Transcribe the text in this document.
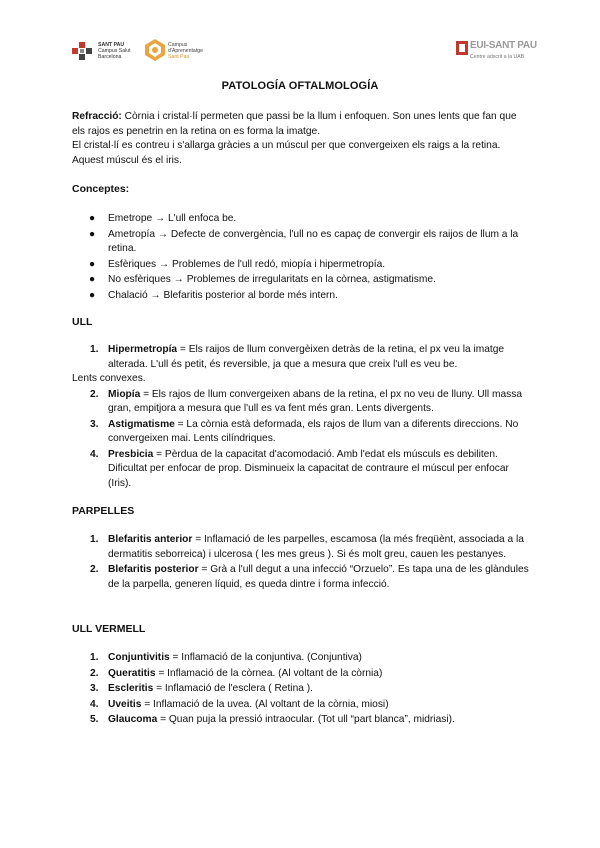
SANT PAU
Campus Salut
Barcelona
Campus
d'Aprenentatge
Sant Pau
EUI-SANT PAU
Centre adscrit a la UAB
PATOLOGÍA OFTALMOLOGÍA
Refracció: Còrnia i cristal·lí permeten que passi be la llum i enfoquen. Son unes lents que fan que els rajos es penetrin en la retina on es forma la imatge.
El cristal·lí es contreu i s'allarga gràcies a un múscul per que convergeixen els raigs a la retina. Aquest múscul és el iris.
Conceptes:
● Emetrope → L'ull enfoca be.
● Ametropía → Defecte de convergència, l'ull no es capaç de convergir els raijos de llum a la retina.
● Esfèriques → Problemes de l'ull redó, miopía i hipermetropía.
● No esfèriques → Problemes de irregularitats en la còrnea, astigmatisme.
● Chalació → Blefaritis posterior al borde més intern.
ULL
1. Hipermetropía = Els raijos de llum convergèixen detràs de la retina, el px veu la imatge alterada. L'ull és petit, és reversible, ja que a mesura que creix l'ull es veu be.
Lents convexes.
2. Miopía = Els rajos de llum convergeixen abans de la retina, el px no veu de lluny. Ull massa gran, empitjora a mesura que l'ull es va fent més gran. Lents divergents.
3. Astigmatisme = La còrnia està deformada, els rajos de llum van a diferents direccions. No convergeixen mai. Lents cilíndriques.
4. Presbicia = Pèrdua de la capacitat d'acomodació. Amb l'edat els músculs es debiliten. Dificultat per enfocar de prop. Disminueix la capacitat de contraure el múscul per enfocar (Iris).
PARPELLES
1. Blefaritis anterior = Inflamació de les parpelles, escamosa (la més freqüènt, associada a la dermatitis seborreica) i ulcerosa ( les mes greus ). Si és molt greu, cauen les pestanyes.
2. Blefaritis posterior = Grà a l'ull degut a una infecció “Orzuelo”. Es tapa una de les glàndules de la parpella, generen líquid, es queda dintre i forma infecció.
ULL VERMELL
1. Conjuntivitis = Inflamació de la conjuntiva. (Conjuntiva)
2. Queratitis = Inflamació de la còrnea. (Al voltant de la còrnia)
3. Escleritis = Inflamació de l'esclera ( Retina ).
4. Uveitis = Inflamació de la uvea. (Al voltant de la còrnia, miosi)
5. Glaucoma = Quan puja la pressió intraocular. (Tot ull “part blanca”, midriasi).
